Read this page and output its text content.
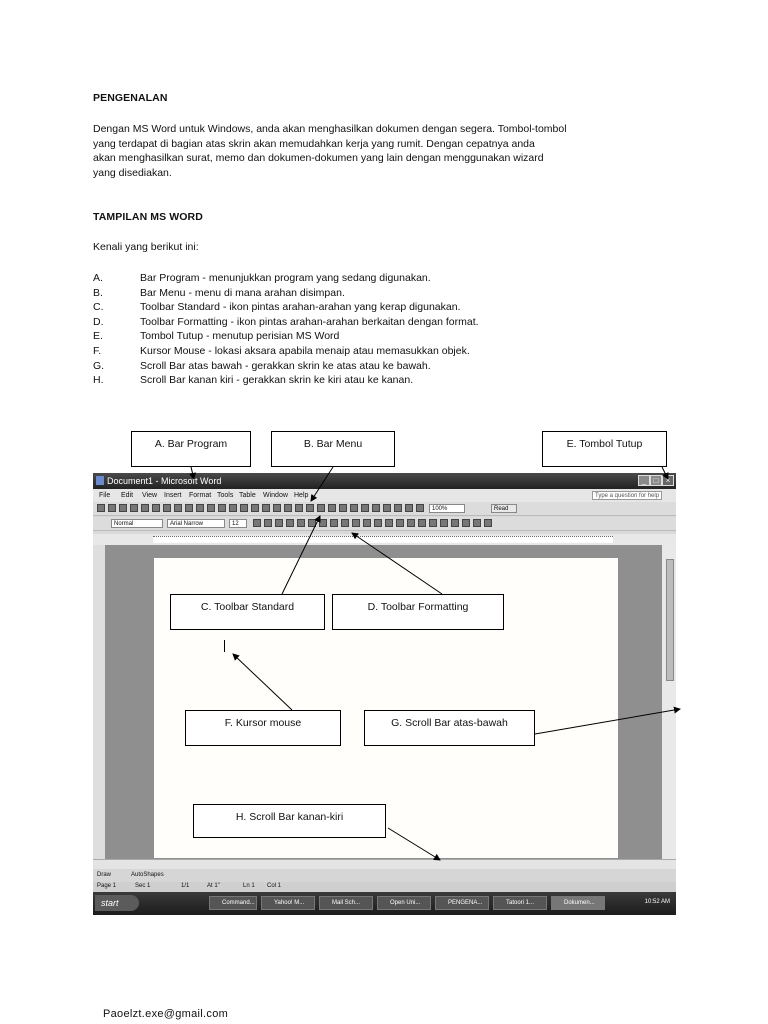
PENGENALAN
Dengan MS Word untuk Windows, anda akan menghasilkan dokumen dengan segera. Tombol-tombol
yang terdapat di bagian atas skrin akan memudahkan kerja yang rumit. Dengan cepatnya anda
akan menghasilkan surat, memo dan dokumen-dokumen yang lain dengan menggunakan wizard
yang disediakan.
TAMPILAN MS WORD
Kenali yang berikut ini:
A.	Bar Program - menunjukkan program yang sedang digunakan.
B.	Bar Menu - menu di mana arahan disimpan.
C.	Toolbar Standard - ikon pintas arahan-arahan yang kerap digunakan.
D.	Toolbar Formatting - ikon pintas arahan-arahan berkaitan dengan format.
E.	Tombol Tutup - menutup perisian MS Word
F.	Kursor Mouse - lokasi aksara apabila menaip atau memasukkan objek.
G.	Scroll Bar atas bawah - gerakkan skrin ke atas atau ke bawah.
H.	Scroll Bar kanan kiri - gerakkan skrin ke kiri atau ke kanan.
Document1 - Microsoft Word	_ □ ×
File Edit View Insert Format Tools Table Window Help	Type a question for help
100%	Read
Normal	Arial Narrow	12
Draw	AutoShapes
Page 1	Sec 1	1/1	At 1"	Ln 1 Col 1
start	Command...	Yahoo! M...	Mail Sch...	Open Uni...	PENGENA...	Tatoori 1...	Dokumen...	10:52 AM
A. Bar Program	B. Bar Menu	E. Tombol Tutup
C. Toolbar Standard	D. Toolbar Formatting
F. Kursor mouse	G. Scroll Bar atas-bawah
H. Scroll Bar kanan-kiri
Paoelzt.exe@gmail.com
